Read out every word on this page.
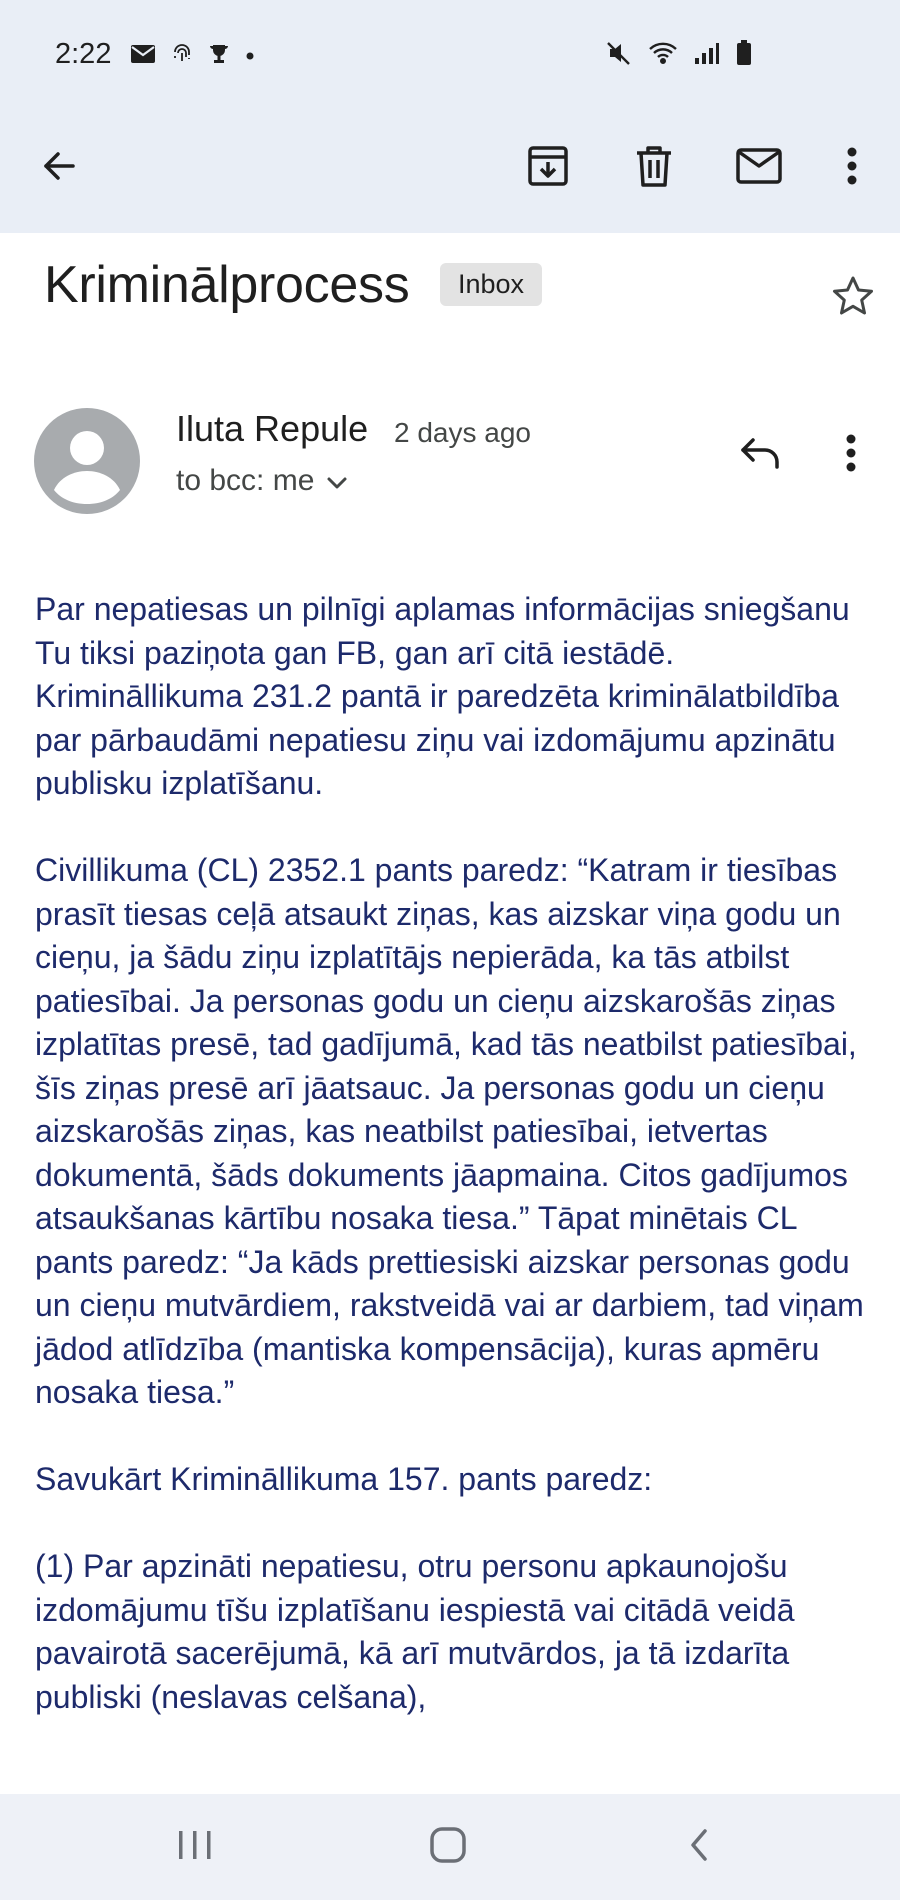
2:22
Kriminālprocess	Inbox
Iluta Repule 2 days ago
to bcc: me

Par nepatiesas un pilnīgi aplamas informācijas sniegšanu Tu tiksi paziņota gan FB, gan arī citā iestādē. Krimināllikuma 231.2 pantā ir paredzēta kriminālatbildība par pārbaudāmi nepatiesu ziņu vai izdomājumu apzinātu publisku izplatīšanu.

Civillikuma (CL) 2352.1 pants paredz: “Katram ir tiesības prasīt tiesas ceļā atsaukt ziņas, kas aizskar viņa godu un cieņu, ja šādu ziņu izplatītājs nepierāda, ka tās atbilst patiesībai. Ja personas godu un cieņu aizskarošās ziņas izplatītas presē, tad gadījumā, kad tās neatbilst patiesībai, šīs ziņas presē arī jāatsauc. Ja personas godu un cieņu aizskarošās ziņas, kas neatbilst patiesībai, ietvertas dokumentā, šāds dokuments jāapmaina. Citos gadījumos atsaukšanas kārtību nosaka tiesa.” Tāpat minētais CL pants paredz: “Ja kāds prettiesiski aizskar personas godu un cieņu mutvārdiem, rakstveidā vai ar darbiem, tad viņam jādod atlīdzība (mantiska kompensācija), kuras apmēru nosaka tiesa.”

Savukārt Krimināllikuma 157. pants paredz:

(1) Par apzināti nepatiesu, otru personu apkaunojošu izdomājumu tīšu izplatīšanu iespiestā vai citādā veidā pavairotā sacerējumā, kā arī mutvārdos, ja tā izdarīta publiski (neslavas celšana),
